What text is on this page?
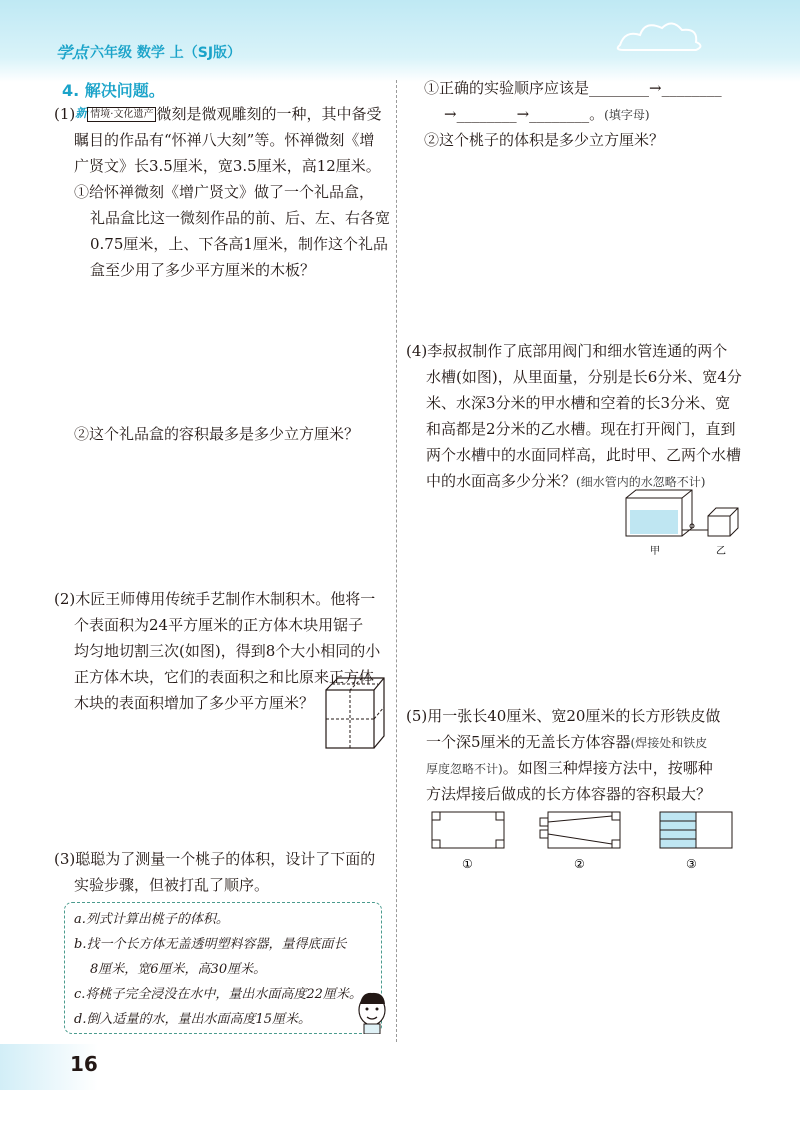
学点 六年级 数学 上（SJ版）
4. 解决问题。
(1)新 情境·文化遗产 微刻是微观雕刻的一种，其中备受
瞩目的作品有“怀禅八大刻”等。怀禅微刻《增
广贤文》长3.5厘米，宽3.5厘米，高12厘米。
①给怀禅微刻《增广贤文》做了一个礼品盒，
礼品盒比这一微刻作品的前、后、左、右各宽
0.75厘米，上、下各高1厘米，制作这个礼品
盒至少用了多少平方厘米的木板？
②这个礼品盒的容积最多是多少立方厘米？
(2)木匠王师傅用传统手艺制作木制积木。他将一
个表面积为24平方厘米的正方体木块用锯子
均匀地切割三次(如图)，得到8个大小相同的小
正方体木块，它们的表面积之和比原来正方体
木块的表面积增加了多少平方厘米？
(3)聪聪为了测量一个桃子的体积，设计了下面的
实验步骤，但被打乱了顺序。
a.列式计算出桃子的体积。
b.找一个长方体无盖透明塑料容器，量得底面长
8厘米，宽6厘米，高30厘米。
c.将桃子完全浸没在水中，量出水面高度22厘米。
d.倒入适量的水，量出水面高度15厘米。
①正确的实验顺序应该是________→________
→________→________。(填字母)
②这个桃子的体积是多少立方厘米？
(4)李叔叔制作了底部用阀门和细水管连通的两个
水槽(如图)，从里面量，分别是长6分米、宽4分
米、水深3分米的甲水槽和空着的长3分米、宽
和高都是2分米的乙水槽。现在打开阀门，直到
两个水槽中的水面同样高，此时甲、乙两个水槽
中的水面高多少分米？(细水管内的水忽略不计)
甲	乙
(5)用一张长40厘米、宽20厘米的长方形铁皮做
一个深5厘米的无盖长方体容器(焊接处和铁皮
厚度忽略不计)。如图三种焊接方法中，按哪种
方法焊接后做成的长方体容器的容积最大？
①	②	③
16
